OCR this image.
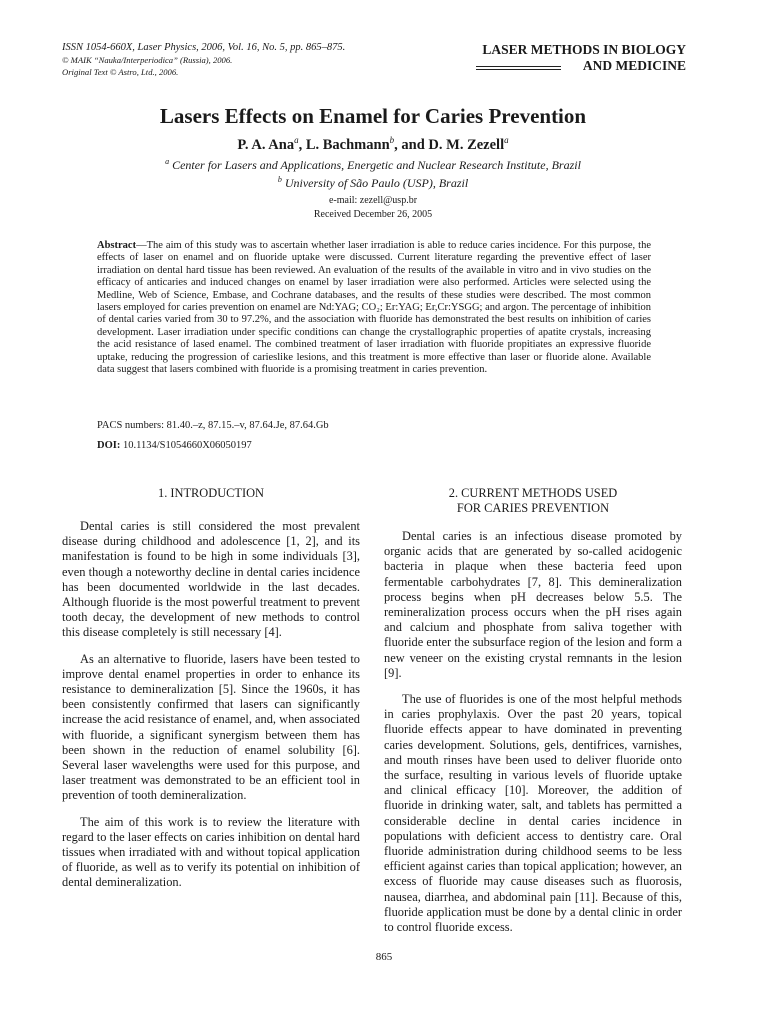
ISSN 1054-660X, Laser Physics, 2006, Vol. 16, No. 5, pp. 865–875.
© MAIK “Nauka/Interperiodica” (Russia), 2006.
Original Text © Astro, Ltd., 2006.
LASER METHODS IN BIOLOGY
AND MEDICINE
Lasers Effects on Enamel for Caries Prevention
P. A. Ana$^a$, L. Bachmann$^b$, and D. M. Zezell$^a$
$^a$ Center for Lasers and Applications, Energetic and Nuclear Research Institute, Brazil
$^b$ University of São Paulo (USP), Brazil
e-mail: zezell@usp.br
Received December 26, 2005
Abstract—The aim of this study was to ascertain whether laser irradiation is able to reduce caries incidence. For this purpose, the effects of laser on enamel and on fluoride uptake were discussed. Current literature regarding the preventive effect of laser irradiation on dental hard tissue has been reviewed. An evaluation of the results of the available in vitro and in vivo studies on the efficacy of anticaries and induced changes on enamel by laser irradiation were also performed. Articles were selected using the Medline, Web of Science, Embase, and Cochrane databases, and the results of these studies were described. The most common lasers employed for caries prevention on enamel are Nd:YAG; CO₂; Er:YAG; Er,Cr:YSGG; and argon. The percentage of inhibition of dental caries varied from 30 to 97.2%, and the association with fluoride has demonstrated the best results on inhibition of caries development. Laser irradiation under specific conditions can change the crystallographic properties of apatite crystals, increasing the acid resistance of lased enamel. The combined treatment of laser irradiation with fluoride propitiates an expressive fluoride uptake, reducing the progression of carieslike lesions, and this treatment is more effective than laser or fluoride alone. Available data suggest that lasers combined with fluoride is a promising treatment in caries prevention.
PACS numbers: 81.40.–z, 87.15.–v, 87.64.Je, 87.64.Gb
DOI: 10.1134/S1054660X06050197
1. INTRODUCTION

Dental caries is still considered the most prevalent disease during childhood and adolescence [1, 2], and its manifestation is found to be high in some individuals [3], even though a noteworthy decline in dental caries incidence has been documented worldwide in the last decades. Although fluoride is the most powerful treatment to prevent tooth decay, the development of new methods to control this disease completely is still necessary [4].

As an alternative to fluoride, lasers have been tested to improve dental enamel properties in order to enhance its resistance to demineralization [5]. Since the 1960s, it has been consistently confirmed that lasers can significantly increase the acid resistance of enamel, and, when associated with fluoride, a significant synergism between them has been shown in the reduction of enamel solubility [6]. Several laser wavelengths were used for this purpose, and laser treatment was demonstrated to be an efficient tool in prevention of tooth demineralization.

The aim of this work is to review the literature with regard to the laser effects on caries inhibition on dental hard tissues when irradiated with and without topical application of fluoride, as well as to verify its potential on inhibition of dental demineralization.

2. CURRENT METHODS USED
FOR CARIES PREVENTION

Dental caries is an infectious disease promoted by organic acids that are generated by so-called acidogenic bacteria in plaque when these bacteria feed upon fermentable carbohydrates [7, 8]. This demineralization process begins when pH decreases below 5.5. The remineralization process occurs when the pH rises again and calcium and phosphate from saliva together with fluoride enter the subsurface region of the lesion and form a new veneer on the existing crystal remnants in the lesion [9].

The use of fluorides is one of the most helpful methods in caries prophylaxis. Over the past 20 years, topical fluoride effects appear to have dominated in preventing caries development. Solutions, gels, dentifrices, varnishes, and mouth rinses have been used to deliver fluoride onto the surface, resulting in various levels of fluoride uptake and clinical efficacy [10]. Moreover, the addition of fluoride in drinking water, salt, and tablets has permitted a considerable decline in dental caries incidence in populations with deficient access to dentistry care. Oral fluoride administration during childhood seems to be less efficient against caries than topical application; however, an excess of fluoride may cause diseases such as fluorosis, nausea, diarrhea, and abdominal pain [11]. Because of this, fluoride application must be done by a dental clinic in order to control fluoride excess.

865
